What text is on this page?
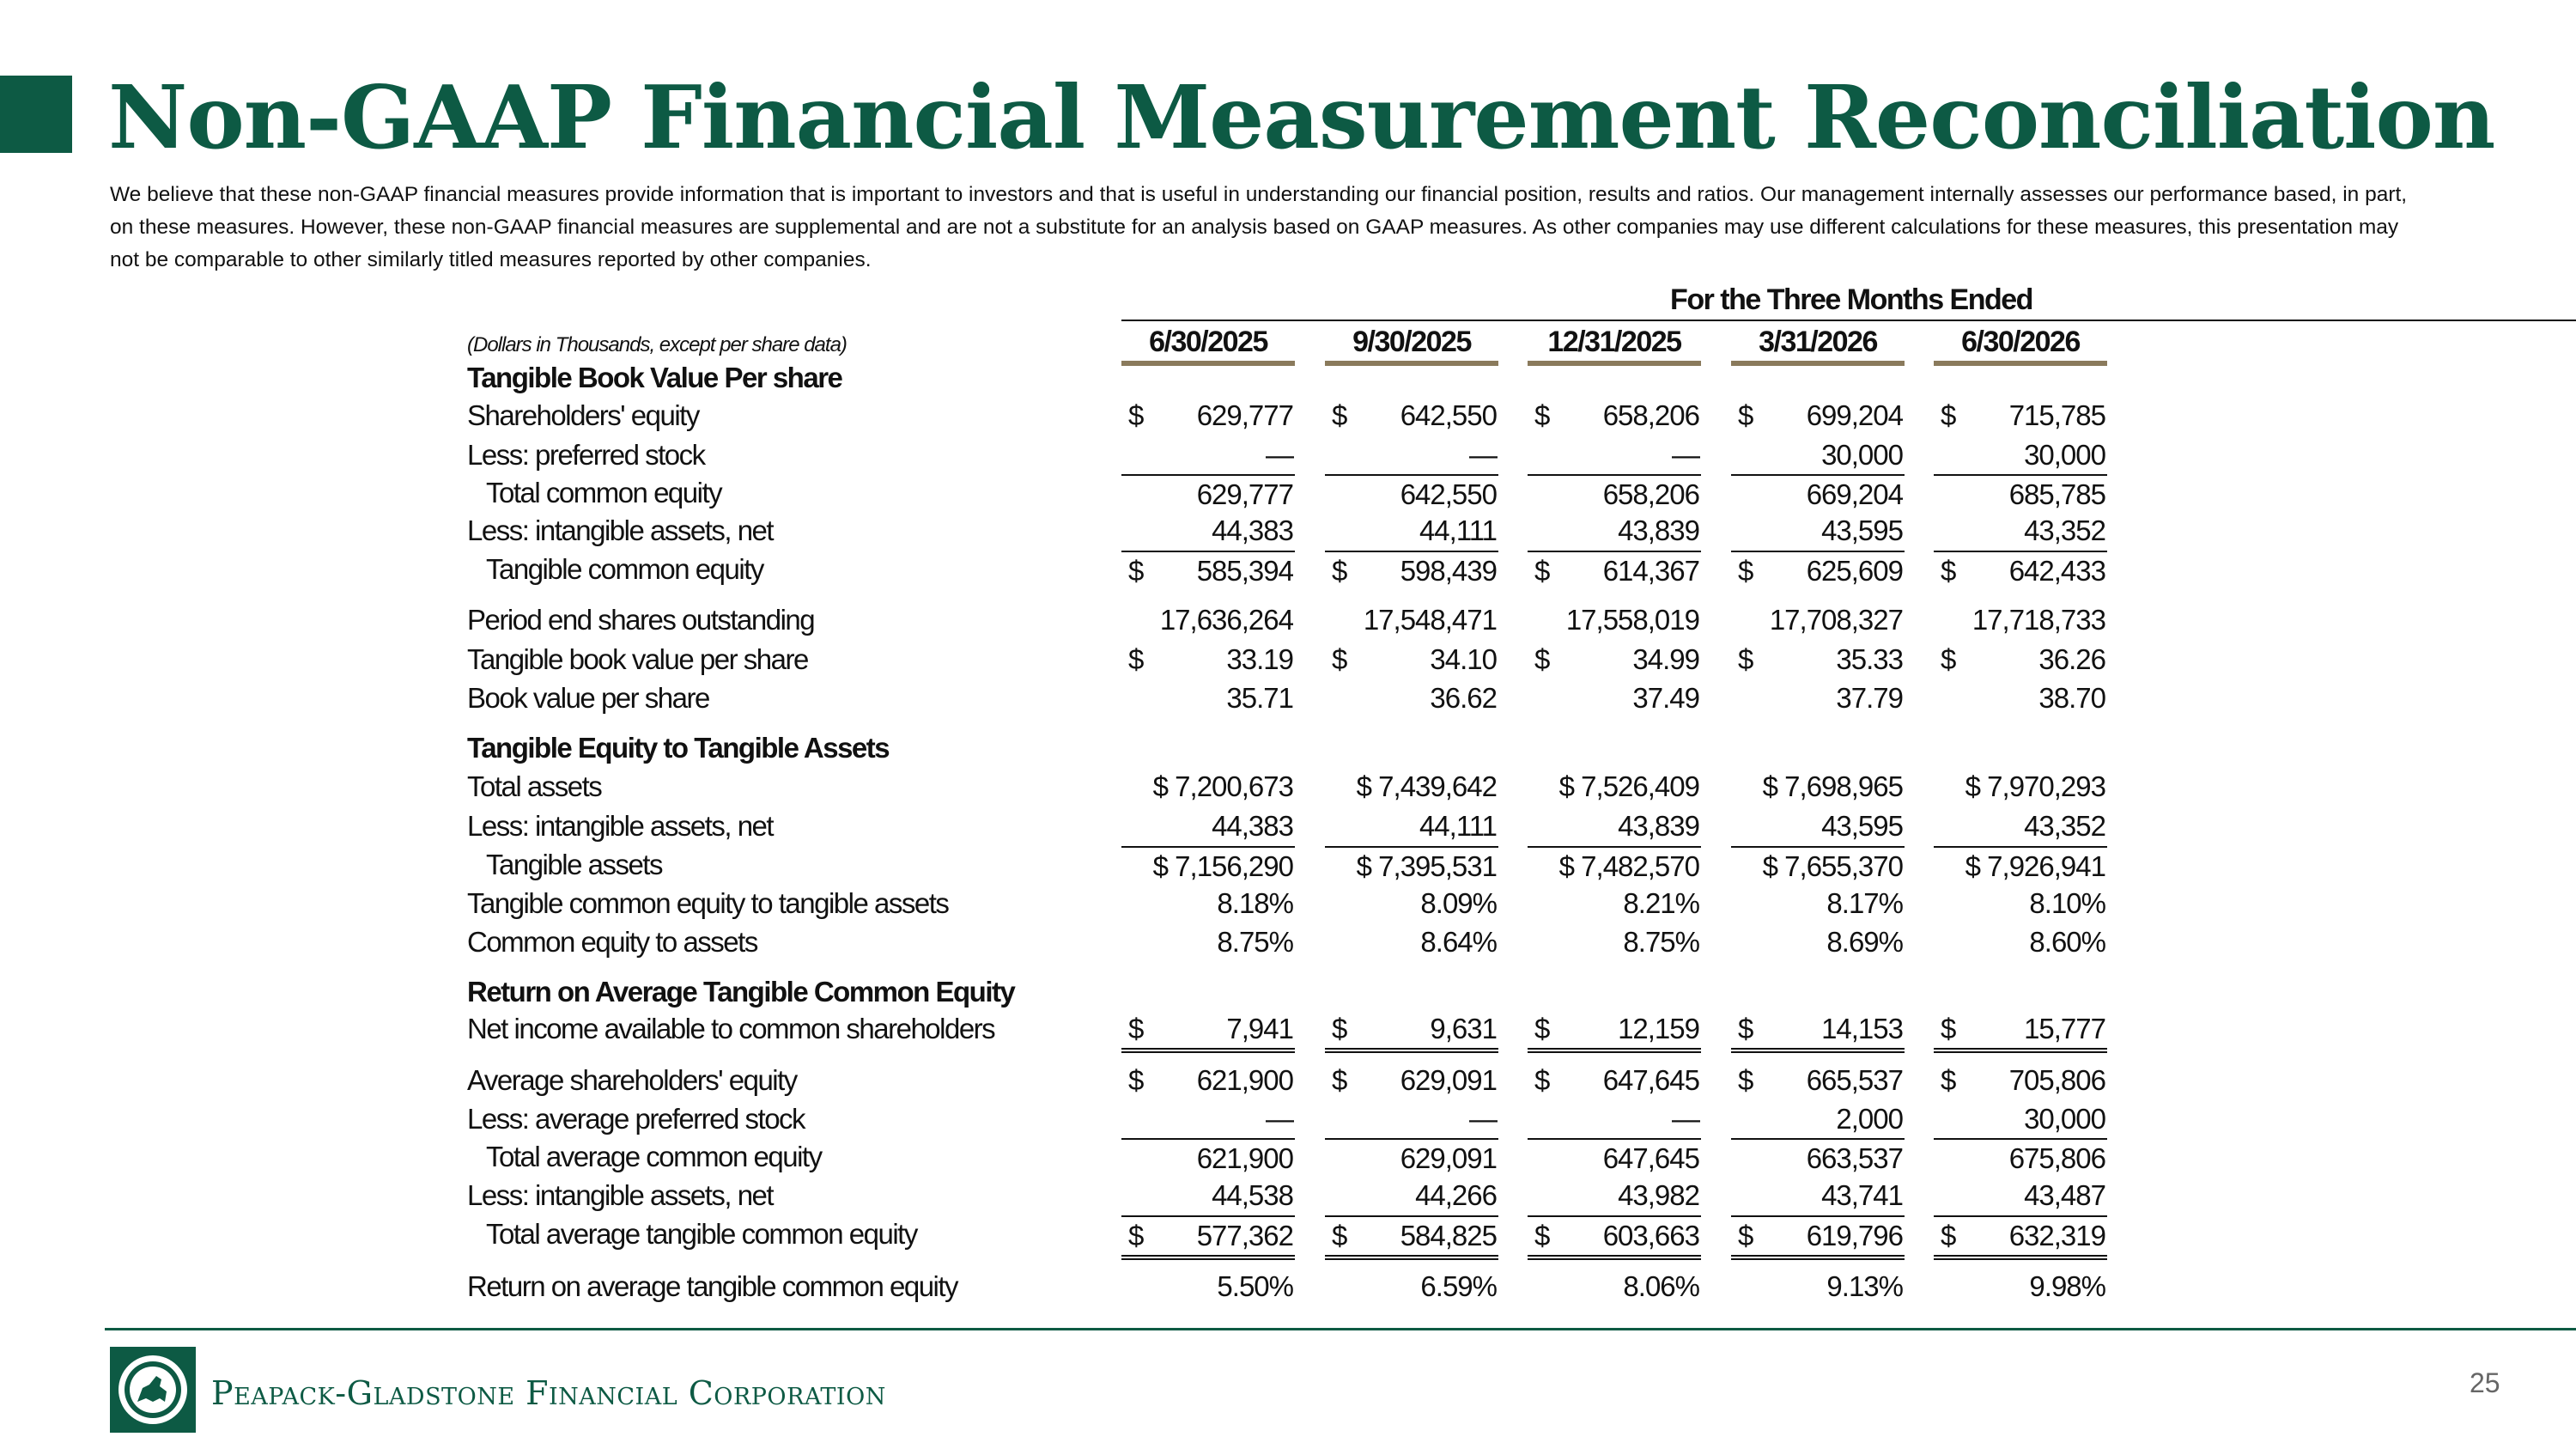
Non-GAAP Financial Measurement Reconciliation

We believe that these non-GAAP financial measures provide information that is important to investors and that is useful in understanding our financial position, results and ratios. Our management internally assesses our performance based, in part, on these measures. However, these non-GAAP financial measures are supplemental and are not a substitute for an analysis based on GAAP measures. As other companies may use different calculations for these measures, this presentation may not be comparable to other similarly titled measures reported by other companies.

For the Three Months Ended
(Dollars in Thousands, except per share data)	6/30/2025	9/30/2025	12/31/2025	3/31/2026	6/30/2026
Tangible Book Value Per share
Shareholders' equity	$ 629,777 $ 642,550 $ 658,206 $ 699,204 $ 715,785
Less: preferred stock	—	—	—	30,000	30,000
Total common equity	629,777	642,550	658,206	669,204	685,785
Less: intangible assets, net	44,383	44,111	43,839	43,595	43,352
Tangible common equity	$ 585,394 $ 598,439 $ 614,367 $ 625,609 $ 642,433
Period end shares outstanding	17,636,264 17,548,471 17,558,019 17,708,327 17,718,733
Tangible book value per share	$	33.19 $	34.10 $	34.99 $	35.33 $	36.26
Book value per share	35.71	36.62	37.49	37.79	38.70
Tangible Equity to Tangible Assets
Total assets	$ 7,200,673 $ 7,439,642 $ 7,526,409 $ 7,698,965 $ 7,970,293
Less: intangible assets, net	44,383	44,111	43,839	43,595	43,352
Tangible assets	$ 7,156,290 $ 7,395,531 $ 7,482,570 $ 7,655,370 $ 7,926,941
Tangible common equity to tangible assets	8.18%	8.09%	8.21%	8.17%	8.10%
Common equity to assets	8.75%	8.64%	8.75%	8.69%	8.60%
Return on Average Tangible Common Equity
Net income available to common shareholders	$	7,941 $	9,631 $ 12,159 $ 14,153 $ 15,777
Average shareholders' equity	$ 621,900 $ 629,091 $ 647,645 $ 665,537 $ 705,806
Less: average preferred stock	—	—	—	2,000	30,000
Total average common equity	621,900	629,091	647,645	663,537	675,806
Less: intangible assets, net	44,538	44,266	43,982	43,741	43,487
Total average tangible common equity	$ 577,362 $ 584,825 $ 603,663 $ 619,796 $ 632,319
Return on average tangible common equity	5.50%	6.59%	8.06%	9.13%	9.98%
Peapack-Gladstone Financial Corporation	25
